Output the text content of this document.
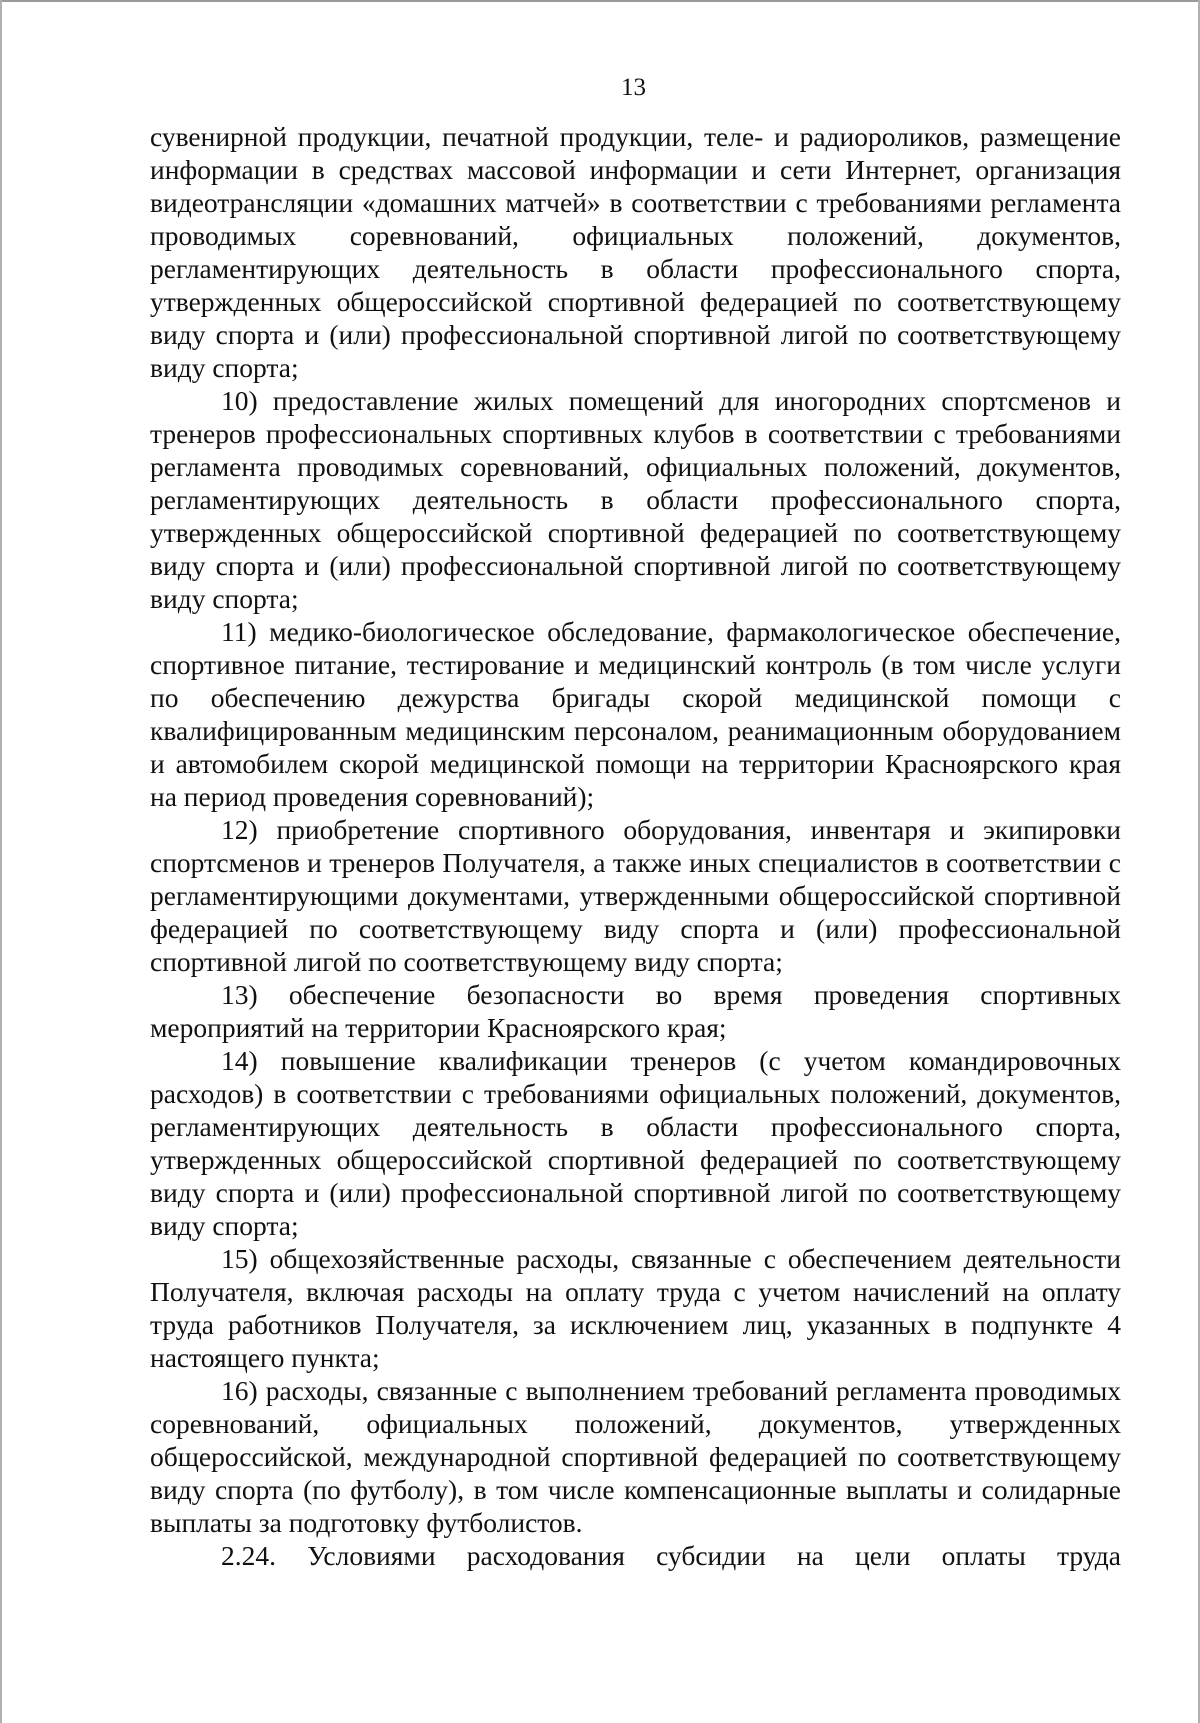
13

сувенирной продукции, печатной продукции, теле- и радиороликов, размещение информации в средствах массовой информации и сети Интернет, организация видеотрансляции «домашних матчей» в соответствии с требованиями регламента проводимых соревнований, официальных положений, документов, регламентирующих деятельность в области профессионального спорта, утвержденных общероссийской спортивной федерацией по соответствующему виду спорта и (или) профессиональной спортивной лигой по соответствующему виду спорта;

10) предоставление жилых помещений для иногородних спортсменов и тренеров профессиональных спортивных клубов в соответствии с требованиями регламента проводимых соревнований, официальных положений, документов, регламентирующих деятельность в области профессионального спорта, утвержденных общероссийской спортивной федерацией по соответствующему виду спорта и (или) профессиональной спортивной лигой по соответствующему виду спорта;

11) медико-биологическое обследование, фармакологическое обеспечение, спортивное питание, тестирование и медицинский контроль (в том числе услуги по обеспечению дежурства бригады скорой медицинской помощи с квалифицированным медицинским персоналом, реанимационным оборудованием и автомобилем скорой медицинской помощи на территории Красноярского края на период проведения соревнований);

12) приобретение спортивного оборудования, инвентаря и экипировки спортсменов и тренеров Получателя, а также иных специалистов в соответствии с регламентирующими документами, утвержденными общероссийской спортивной федерацией по соответствующему виду спорта и (или) профессиональной спортивной лигой по соответствующему виду спорта;

13) обеспечение безопасности во время проведения спортивных мероприятий на территории Красноярского края;

14) повышение квалификации тренеров (с учетом командировочных расходов) в соответствии с требованиями официальных положений, документов, регламентирующих деятельность в области профессионального спорта, утвержденных общероссийской спортивной федерацией по соответствующему виду спорта и (или) профессиональной спортивной лигой по соответствующему виду спорта;

15) общехозяйственные расходы, связанные с обеспечением деятельности Получателя, включая расходы на оплату труда с учетом начислений на оплату труда работников Получателя, за исключением лиц, указанных в подпункте 4 настоящего пункта;

16) расходы, связанные с выполнением требований регламента проводимых соревнований, официальных положений, документов, утвержденных общероссийской, международной спортивной федерацией по соответствующему виду спорта (по футболу), в том числе компенсационные выплаты и солидарные выплаты за подготовку футболистов.

2.24. Условиями расходования субсидии на цели оплаты труда
